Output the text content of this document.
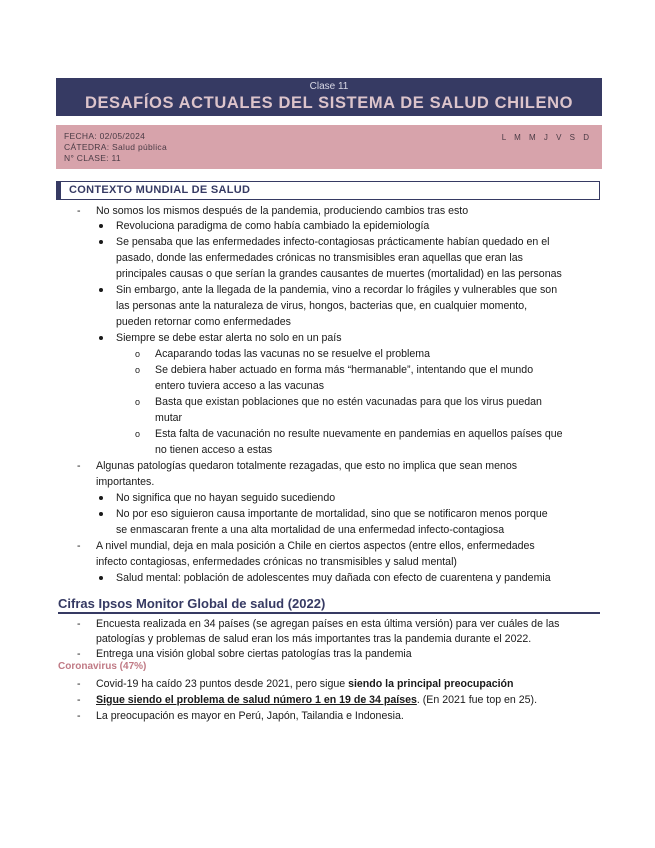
Clase 11
DESAFÍOS ACTUALES DEL SISTEMA DE SALUD CHILENO
FECHA: 02/05/2024
CÁTEDRA: Salud pública
N° CLASE: 11
L M M J V S D
CONTEXTO MUNDIAL DE SALUD
- No somos los mismos después de la pandemia, produciendo cambios tras esto
Revoluciona paradigma de como había cambiado la epidemiología
Se pensaba que las enfermedades infecto-contagiosas prácticamente habían quedado en el
pasado, donde las enfermedades crónicas no transmisibles eran aquellas que eran las
principales causas o que serían la grandes causantes de muertes (mortalidad) en las personas
Sin embargo, ante la llegada de la pandemia, vino a recordar lo frágiles y vulnerables que son
las personas ante la naturaleza de virus, hongos, bacterias que, en cualquier momento,
pueden retornar como enfermedades
Siempre se debe estar alerta no solo en un país
o Acaparando todas las vacunas no se resuelve el problema
o Se debiera haber actuado en forma más “hermanable”, intentando que el mundo
entero tuviera acceso a las vacunas
o Basta que existan poblaciones que no estén vacunadas para que los virus puedan
mutar
o Esta falta de vacunación no resulte nuevamente en pandemias en aquellos países que
no tienen acceso a estas
- Algunas patologías quedaron totalmente rezagadas, que esto no implica que sean menos
importantes.
No significa que no hayan seguido sucediendo
No por eso siguieron causa importante de mortalidad, sino que se notificaron menos porque
se enmascaran frente a una alta mortalidad de una enfermedad infecto-contagiosa
- A nivel mundial, deja en mala posición a Chile en ciertos aspectos (entre ellos, enfermedades
infecto contagiosas, enfermedades crónicas no transmisibles y salud mental)
Salud mental: población de adolescentes muy dañada con efecto de cuarentena y pandemia
Cifras Ipsos Monitor Global de salud (2022)
- Encuesta realizada en 34 países (se agregan países en esta última versión) para ver cuáles de las
patologías y problemas de salud eran los más importantes tras la pandemia durante el 2022.
- Entrega una visión global sobre ciertas patologías tras la pandemia
Coronavirus (47%)
- Covid-19 ha caído 23 puntos desde 2021, pero sigue siendo la principal preocupación
- Sigue siendo el problema de salud número 1 en 19 de 34 países. (En 2021 fue top en 25).
- La preocupación es mayor en Perú, Japón, Tailandia e Indonesia.
